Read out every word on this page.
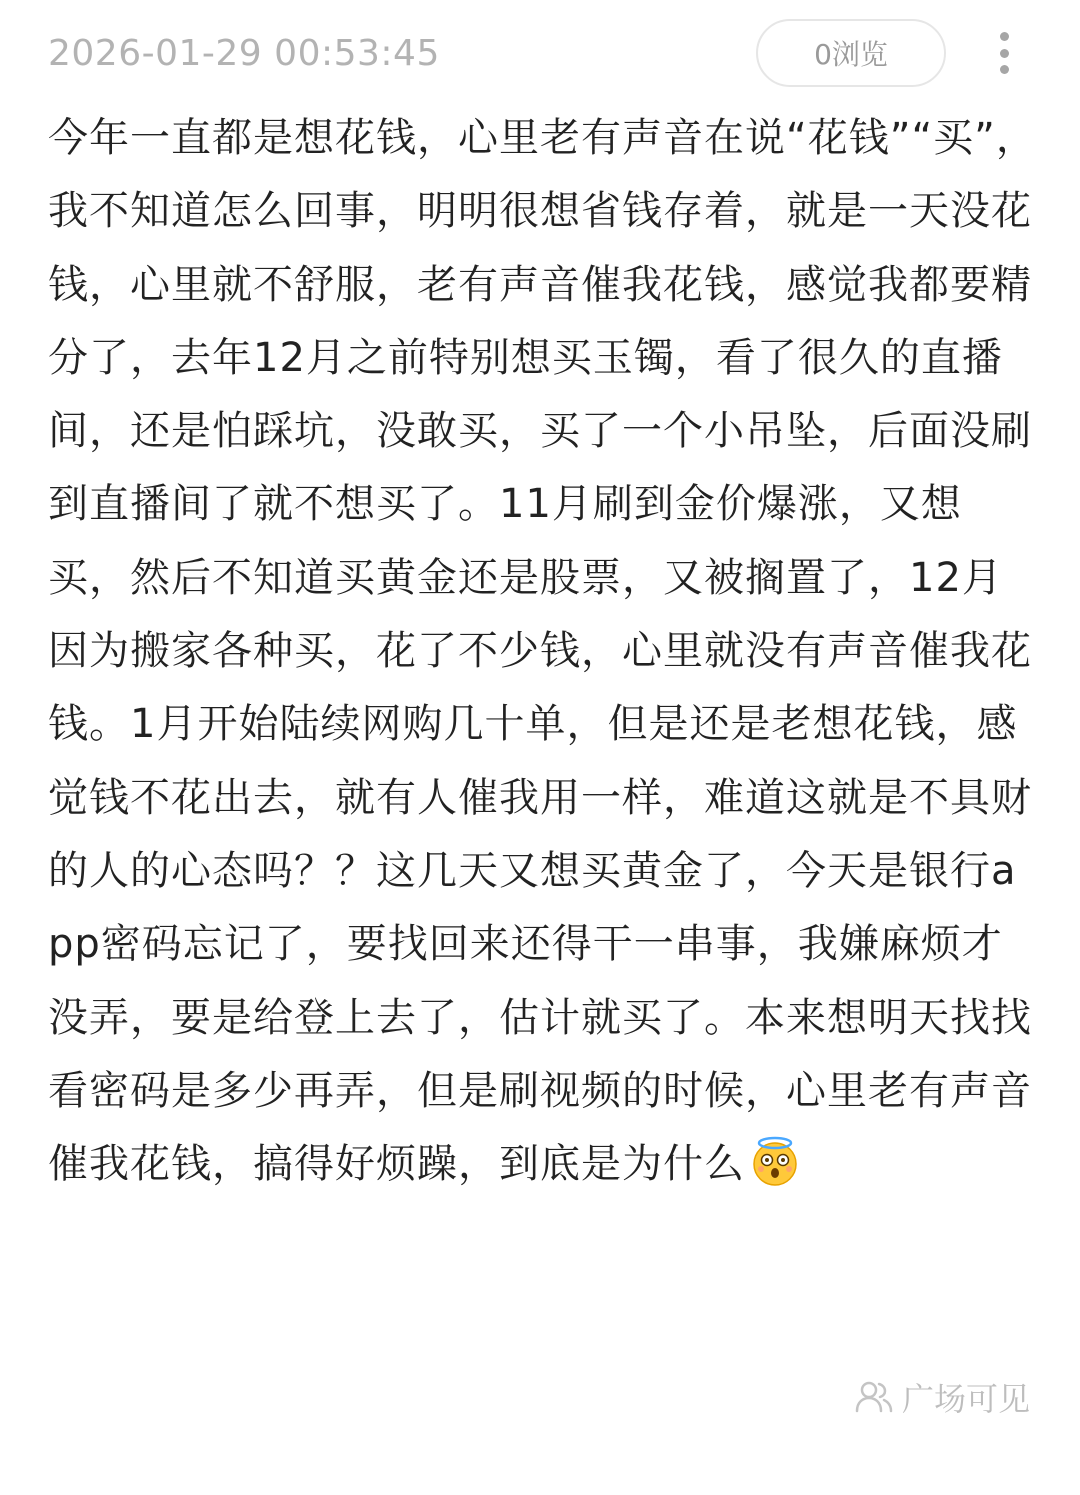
2026-01-29 00:53:45	0浏览
今年一直都是想花钱，心里老有声音在说“花钱”“买”，我不知道怎么回事，明明很想省钱存着，就是一天没花钱，心里就不舒服，老有声音催我花钱，感觉我都要精分了，去年12月之前特别想买玉镯，看了很久的直播间，还是怕踩坑，没敢买，买了一个小吊坠，后面没刷到直播间了就不想买了。11月刷到金价爆涨，又想买，然后不知道买黄金还是股票，又被搁置了，12月因为搬家各种买，花了不少钱，心里就没有声音催我花钱。1月开始陆续网购几十单，但是还是老想花钱，感觉钱不花出去，就有人催我用一样，难道这就是不具财的人的心态吗？？这几天又想买黄金了，今天是银行app密码忘记了，要找回来还得干一串事，我嫌麻烦才没弄，要是给登上去了，估计就买了。本来想明天找找看密码是多少再弄，但是刷视频的时候，心里老有声音催我花钱，搞得好烦躁，到底是为什么
广场可见
